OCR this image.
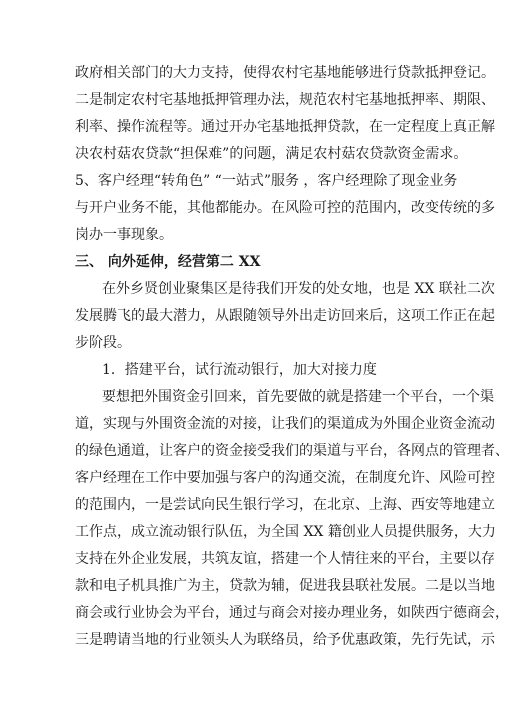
政府相关部门的大力支持，使得农村宅基地能够进行贷款抵押登记。
二是制定农村宅基地抵押管理办法，规范农村宅基地抵押率、期限、
利率、操作流程等。通过开办宅基地抵押贷款，在一定程度上真正解
决农村菇农贷款“担保难”的问题，满足农村菇农贷款资金需求。
5、客户经理“转角色” “一站式”服务 ，客户经理除了现金业务
与开户业务不能，其他都能办。在风险可控的范围内，改变传统的多
岗办一事现象。
三、 向外延伸，经营第二 XX
在外乡贤创业聚集区是待我们开发的处女地，也是 XX 联社二次
发展腾飞的最大潜力，从跟随领导外出走访回来后，这项工作正在起
步阶段。
1．搭建平台，试行流动银行，加大对接力度
要想把外围资金引回来，首先要做的就是搭建一个平台，一个渠
道，实现与外围资金流的对接，让我们的渠道成为外围企业资金流动
的绿色通道，让客户的资金接受我们的渠道与平台，各网点的管理者、
客户经理在工作中要加强与客户的沟通交流，在制度允许、风险可控
的范围内，一是尝试向民生银行学习，在北京、上海、西安等地建立
工作点，成立流动银行队伍，为全国 XX 籍创业人员提供服务，大力
支持在外企业发展，共筑友谊，搭建一个人情往来的平台，主要以存
款和电子机具推广为主，贷款为辅，促进我县联社发展。二是以当地
商会或行业协会为平台，通过与商会对接办理业务，如陕西宁德商会，
三是聘请当地的行业领头人为联络员，给予优惠政策，先行先试，示
